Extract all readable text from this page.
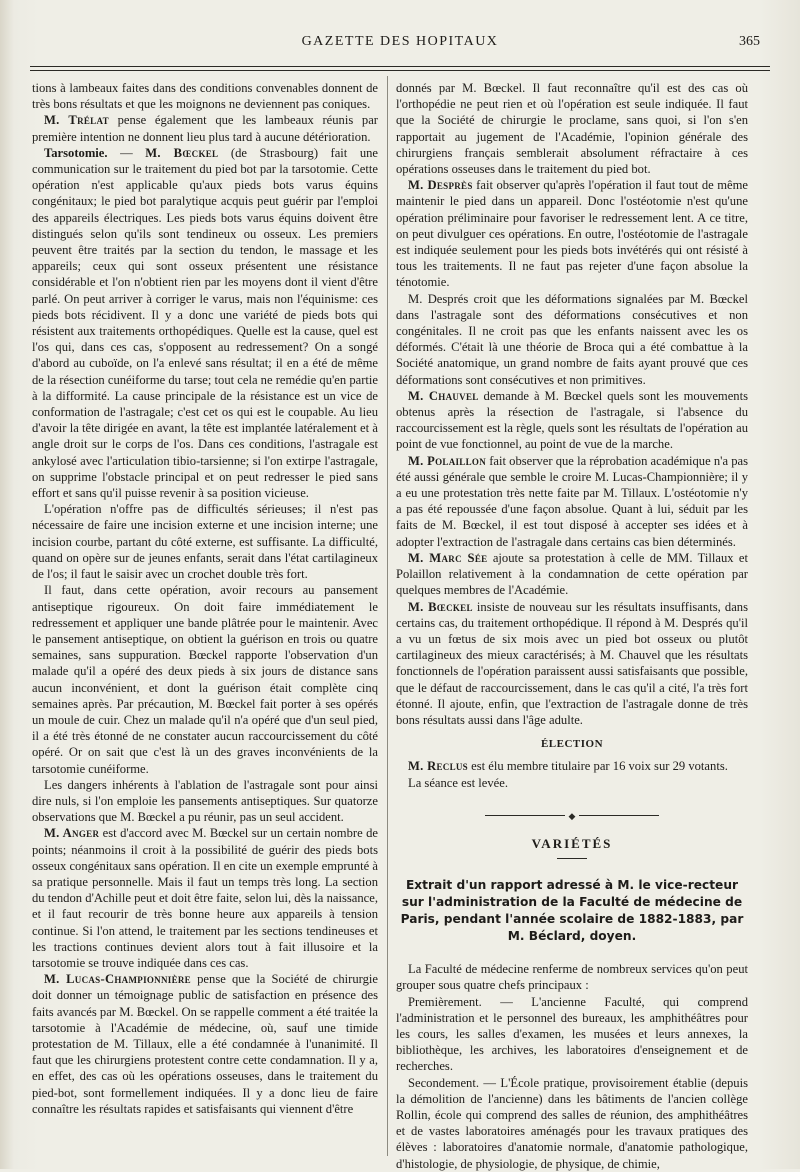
GAZETTE DES HOPITAUX	365

tions à lambeaux faites dans des conditions convenables donnent de très bons résultats et que les moignons ne deviennent pas coniques.

M. Trélat pense également que les lambeaux réunis par première intention ne donnent lieu plus tard à aucune détérioration.

Tarsotomie. — M. Bœckel (de Strasbourg) fait une communication sur le traitement du pied bot par la tarsotomie. Cette opération n'est applicable qu'aux pieds bots varus équins congénitaux; le pied bot paralytique acquis peut guérir par l'emploi des appareils électriques. Les pieds bots varus équins doivent être distingués selon qu'ils sont tendineux ou osseux. Les premiers peuvent être traités par la section du tendon, le massage et les appareils; ceux qui sont osseux présentent une résistance considérable et l'on n'obtient rien par les moyens dont il vient d'être parlé. On peut arriver à corriger le varus, mais non l'équinisme: ces pieds bots récidivent. Il y a donc une variété de pieds bots qui résistent aux traitements orthopédiques. Quelle est la cause, quel est l'os qui, dans ces cas, s'opposent au redressement? On a songé d'abord au cuboïde, on l'a enlevé sans résultat; il en a été de même de la résection cunéiforme du tarse; tout cela ne remédie qu'en partie à la difformité. La cause principale de la résistance est un vice de conformation de l'astragale; c'est cet os qui est le coupable. Au lieu d'avoir la tête dirigée en avant, la tête est implantée latéralement et à angle droit sur le corps de l'os. Dans ces conditions, l'astragale est ankylosé avec l'articulation tibio-tarsienne; si l'on extirpe l'astragale, on supprime l'obstacle principal et on peut redresser le pied sans effort et sans qu'il puisse revenir à sa position vicieuse.

L'opération n'offre pas de difficultés sérieuses; il n'est pas nécessaire de faire une incision externe et une incision interne; une incision courbe, partant du côté externe, est suffisante. La difficulté, quand on opère sur de jeunes enfants, serait dans l'état cartilagineux de l'os; il faut le saisir avec un crochet double très fort.

Il faut, dans cette opération, avoir recours au pansement antiseptique rigoureux. On doit faire immédiatement le redressement et appliquer une bande plâtrée pour le maintenir. Avec le pansement antiseptique, on obtient la guérison en trois ou quatre semaines, sans suppuration. Bœckel rapporte l'observation d'un malade qu'il a opéré des deux pieds à six jours de distance sans aucun inconvénient, et dont la guérison était complète cinq semaines après. Par précaution, M. Bœckel fait porter à ses opérés un moule de cuir. Chez un malade qu'il n'a opéré que d'un seul pied, il a été très étonné de ne constater aucun raccourcissement du côté opéré. Or on sait que c'est là un des graves inconvénients de la tarsotomie cunéiforme.

Les dangers inhérents à l'ablation de l'astragale sont pour ainsi dire nuls, si l'on emploie les pansements antiseptiques. Sur quatorze observations que M. Bœckel a pu réunir, pas un seul accident.

M. Anger est d'accord avec M. Bœckel sur un certain nombre de points; néanmoins il croit à la possibilité de guérir des pieds bots osseux congénitaux sans opération. Il en cite un exemple emprunté à sa pratique personnelle. Mais il faut un temps très long. La section du tendon d'Achille peut et doit être faite, selon lui, dès la naissance, et il faut recourir de très bonne heure aux appareils à tension continue. Si l'on attend, le traitement par les sections tendineuses et les tractions continues devient alors tout à fait illusoire et la tarsotomie se trouve indiquée dans ces cas.

M. Lucas-Championnière pense que la Société de chirurgie doit donner un témoignage public de satisfaction en présence des faits avancés par M. Bœckel. On se rappelle comment a été traitée la tarsotomie à l'Académie de médecine, où, sauf une timide protestation de M. Tillaux, elle a été condamnée à l'unanimité. Il faut que les chirurgiens protestent contre cette condamnation. Il y a, en effet, des cas où les opérations osseuses, dans le traitement du pied-bot, sont formellement indiquées. Il y a donc lieu de faire connaître les résultats rapides et satisfaisants qui viennent d'être

donnés par M. Bœckel. Il faut reconnaître qu'il est des cas où l'orthopédie ne peut rien et où l'opération est seule indiquée. Il faut que la Société de chirurgie le proclame, sans quoi, si l'on s'en rapportait au jugement de l'Académie, l'opinion générale des chirurgiens français semblerait absolument réfractaire à ces opérations osseuses dans le traitement du pied bot.

M. Desprès fait observer qu'après l'opération il faut tout de même maintenir le pied dans un appareil. Donc l'ostéotomie n'est qu'une opération préliminaire pour favoriser le redressement lent. A ce titre, on peut divulguer ces opérations. En outre, l'ostéotomie de l'astragale est indiquée seulement pour les pieds bots invétérés qui ont résisté à tous les traitements. Il ne faut pas rejeter d'une façon absolue la ténotomie.

M. Després croit que les déformations signalées par M. Bœckel dans l'astragale sont des déformations consécutives et non congénitales. Il ne croit pas que les enfants naissent avec les os déformés. C'était là une théorie de Broca qui a été combattue à la Société anatomique, un grand nombre de faits ayant prouvé que ces déformations sont consécutives et non primitives.

M. Chauvel demande à M. Bœckel quels sont les mouvements obtenus après la résection de l'astragale, si l'absence du raccourcissement est la règle, quels sont les résultats de l'opération au point de vue fonctionnel, au point de vue de la marche.

M. Polaillon fait observer que la réprobation académique n'a pas été aussi générale que semble le croire M. Lucas-Championnière; il y a eu une protestation très nette faite par M. Tillaux. L'ostéotomie n'y a pas été repoussée d'une façon absolue. Quant à lui, séduit par les faits de M. Bœckel, il est tout disposé à accepter ses idées et à adopter l'extraction de l'astragale dans certains cas bien déterminés.

M. Marc Sée ajoute sa protestation à celle de MM. Tillaux et Polaillon relativement à la condamnation de cette opération par quelques membres de l'Académie.

M. Bœckel insiste de nouveau sur les résultats insuffisants, dans certains cas, du traitement orthopédique. Il répond à M. Després qu'il a vu un fœtus de six mois avec un pied bot osseux ou plutôt cartilagineux des mieux caractérisés; à M. Chauvel que les résultats fonctionnels de l'opération paraissent aussi satisfaisants que possible, que le défaut de raccourcissement, dans le cas qu'il a cité, l'a très fort étonné. Il ajoute, enfin, que l'extraction de l'astragale donne de très bons résultats aussi dans l'âge adulte.

ÉLECTION

M. Reclus est élu membre titulaire par 16 voix sur 29 votants.

La séance est levée.

◆
VARIÉTÉS
Extrait d'un rapport adressé à M. le vice-recteur sur l'administration de la Faculté de médecine de Paris, pendant l'année scolaire de 1882-1883, par M. Béclard, doyen.

La Faculté de médecine renferme de nombreux services qu'on peut grouper sous quatre chefs principaux :

Premièrement. — L'ancienne Faculté, qui comprend l'administration et le personnel des bureaux, les amphithéâtres pour les cours, les salles d'examen, les musées et leurs annexes, la bibliothèque, les archives, les laboratoires d'enseignement et de recherches.

Secondement. — L'École pratique, provisoirement établie (depuis la démolition de l'ancienne) dans les bâtiments de l'ancien collège Rollin, école qui comprend des salles de réunion, des amphithéâtres et de vastes laboratoires aménagés pour les travaux pratiques des élèves : laboratoires d'anatomie normale, d'anatomie pathologique, d'histologie, de physiologie, de physique, de chimie,
